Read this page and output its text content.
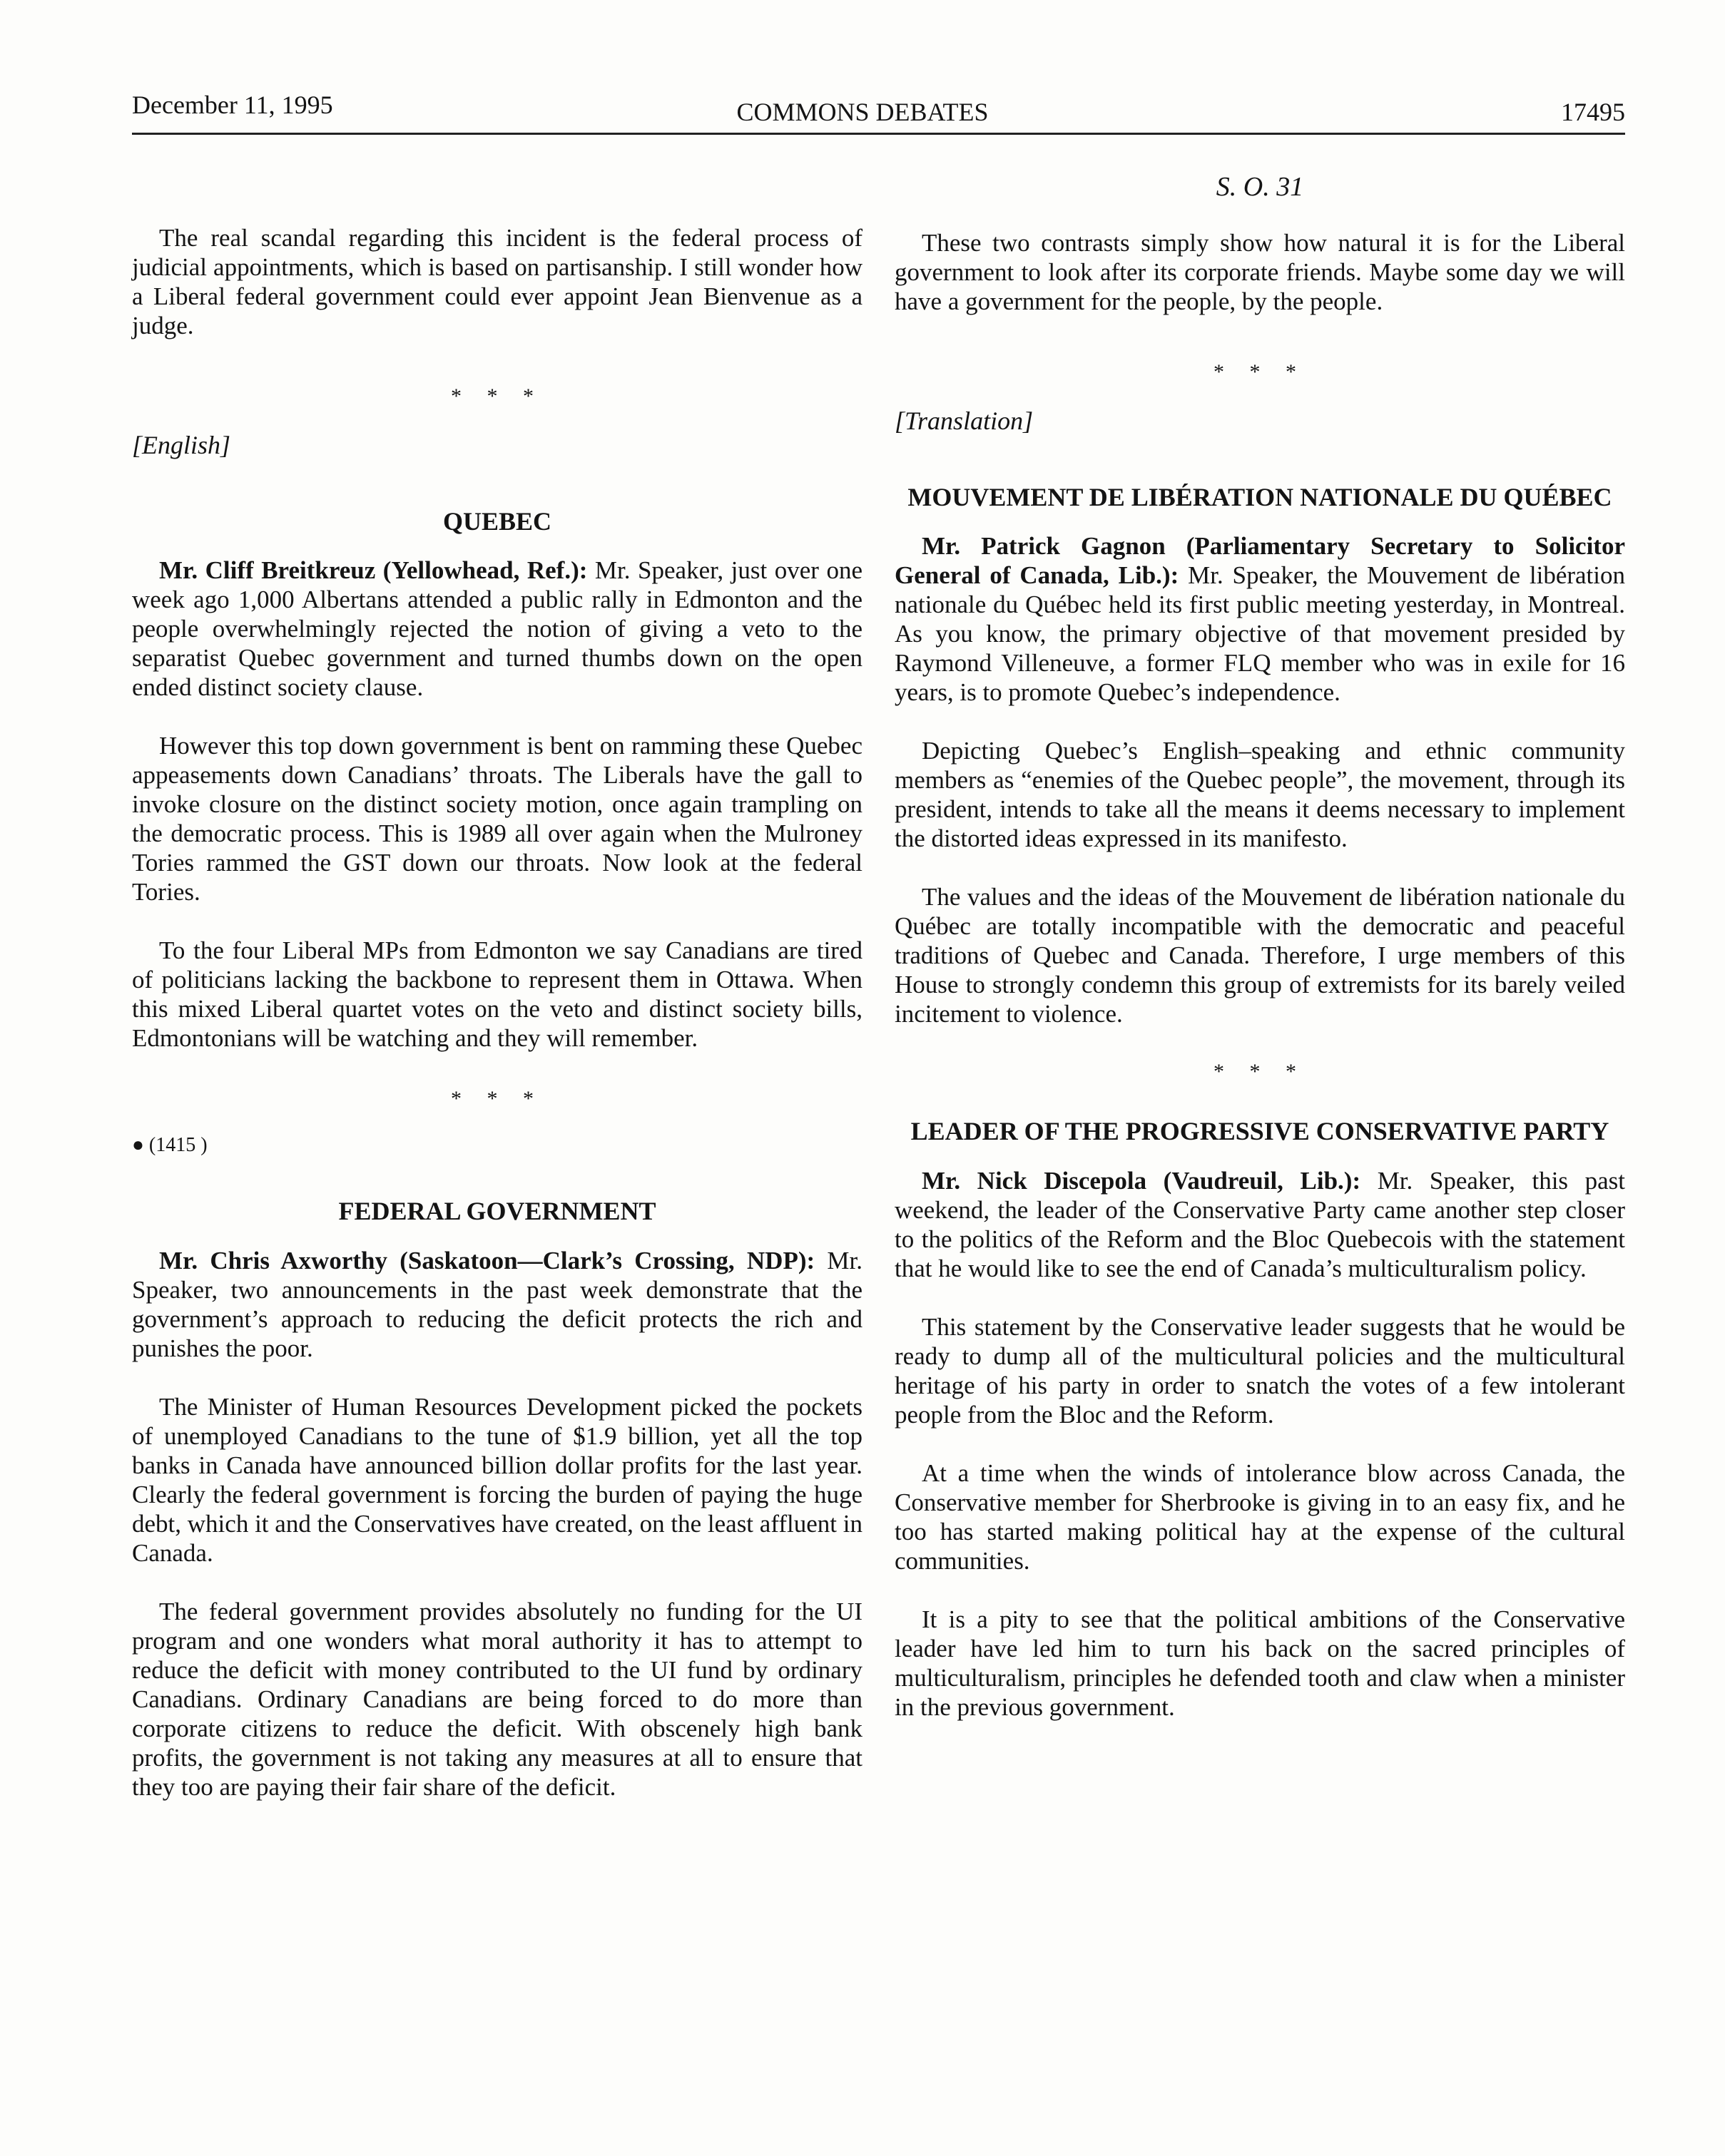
December 11, 1995	COMMONS DEBATES	17495
S. O. 31

The real scandal regarding this incident is the federal process of judicial appointments, which is based on partisanship. I still wonder how a Liberal federal government could ever appoint Jean Bienvenue as a judge.

* * *
[English]
QUEBEC

Mr. Cliff Breitkreuz (Yellowhead, Ref.): Mr. Speaker, just over one week ago 1,000 Albertans attended a public rally in Edmonton and the people overwhelmingly rejected the notion of giving a veto to the separatist Quebec government and turned thumbs down on the open ended distinct society clause.

However this top down government is bent on ramming these Quebec appeasements down Canadians’ throats. The Liberals have the gall to invoke closure on the distinct society motion, once again trampling on the democratic process. This is 1989 all over again when the Mulroney Tories rammed the GST down our throats. Now look at the federal Tories.

To the four Liberal MPs from Edmonton we say Canadians are tired of politicians lacking the backbone to represent them in Ottawa. When this mixed Liberal quartet votes on the veto and distinct society bills, Edmontonians will be watching and they will remember.

* * *
● (1415 )
FEDERAL GOVERNMENT

Mr. Chris Axworthy (Saskatoon—Clark’s Crossing, NDP): Mr. Speaker, two announcements in the past week demonstrate that the government’s approach to reducing the deficit protects the rich and punishes the poor.

The Minister of Human Resources Development picked the pockets of unemployed Canadians to the tune of $1.9 billion, yet all the top banks in Canada have announced billion dollar profits for the last year. Clearly the federal government is forcing the burden of paying the huge debt, which it and the Conservatives have created, on the least affluent in Canada.

The federal government provides absolutely no funding for the UI program and one wonders what moral authority it has to attempt to reduce the deficit with money contributed to the UI fund by ordinary Canadians. Ordinary Canadians are being forced to do more than corporate citizens to reduce the deficit. With obscenely high bank profits, the government is not taking any measures at all to ensure that they too are paying their fair share of the deficit.

These two contrasts simply show how natural it is for the Liberal government to look after its corporate friends. Maybe some day we will have a government for the people, by the people.

* * *
[Translation]
MOUVEMENT DE LIBÉRATION NATIONALE DU QUÉBEC

Mr. Patrick Gagnon (Parliamentary Secretary to Solicitor General of Canada, Lib.): Mr. Speaker, the Mouvement de libération nationale du Québec held its first public meeting yesterday, in Montreal. As you know, the primary objective of that movement presided by Raymond Villeneuve, a former FLQ member who was in exile for 16 years, is to promote Quebec’s independence.

Depicting Quebec’s English–speaking and ethnic community members as “enemies of the Quebec people”, the movement, through its president, intends to take all the means it deems necessary to implement the distorted ideas expressed in its manifesto.

The values and the ideas of the Mouvement de libération nationale du Québec are totally incompatible with the democratic and peaceful traditions of Quebec and Canada. Therefore, I urge members of this House to strongly condemn this group of extremists for its barely veiled incitement to violence.

* * *
LEADER OF THE PROGRESSIVE CONSERVATIVE PARTY

Mr. Nick Discepola (Vaudreuil, Lib.): Mr. Speaker, this past weekend, the leader of the Conservative Party came another step closer to the politics of the Reform and the Bloc Quebecois with the statement that he would like to see the end of Canada’s multiculturalism policy.

This statement by the Conservative leader suggests that he would be ready to dump all of the multicultural policies and the multicultural heritage of his party in order to snatch the votes of a few intolerant people from the Bloc and the Reform.

At a time when the winds of intolerance blow across Canada, the Conservative member for Sherbrooke is giving in to an easy fix, and he too has started making political hay at the expense of the cultural communities.

It is a pity to see that the political ambitions of the Conservative leader have led him to turn his back on the sacred principles of multiculturalism, principles he defended tooth and claw when a minister in the previous government.
